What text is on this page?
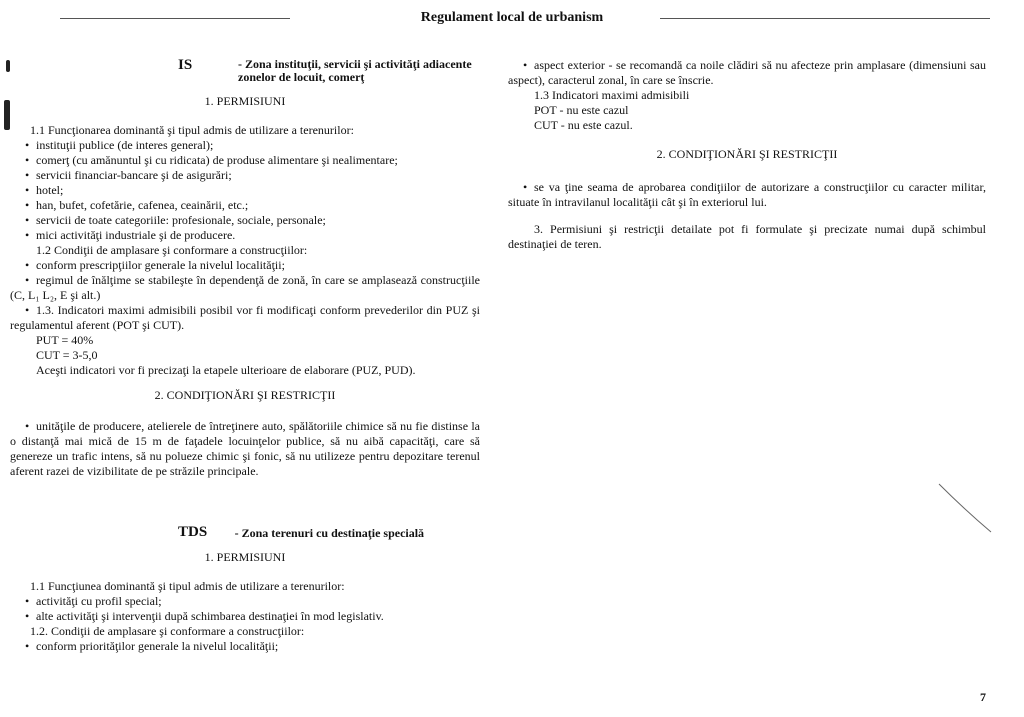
Regulament local de urbanism
IS	- Zona instituţii, servicii şi activităţi adiacente zonelor de locuit, comerţ
1. PERMISIUNI

1.1 Funcţionarea dominantă şi tipul admis de utilizare a terenurilor:

• instituţii publice (de interes general);
• comerţ (cu amănuntul şi cu ridicata) de produse alimentare şi nealimentare;
• servicii financiar-bancare şi de asigurări;
• hotel;
• han, bufet, cofetărie, cafenea, ceainării, etc.;
• servicii de toate categoriile: profesionale, sociale, personale;
• mici activităţi industriale şi de producere.

1.2 Condiţii de amplasare şi conformare a construcţiilor:

• conform prescripţiilor generale la nivelul localităţii;

• regimul de înălţime se stabileşte în dependenţă de zonă, în care se amplasează construcţiile (C, L₁ L₂, E şi alt.)

• 1.3. Indicatori maximi admisibili posibil vor fi modificaţi conform prevederilor din PUZ şi regulamentul aferent (POT şi CUT).

PUT = 40%

CUT = 3-5,0

Aceşti indicatori vor fi precizaţi la etapele ulterioare de elaborare (PUZ, PUD).

2. CONDIŢIONĂRI ŞI RESTRICŢII

• unităţile de producere, atelierele de întreţinere auto, spălătoriile chimice să nu fie distinse la o distanţă mai mică de 15 m de faţadele locuinţelor publice, să nu aibă capacităţi, care să genereze un trafic intens, să nu polueze chimic şi fonic, să nu utilizeze pentru depozitare terenul aferent razei de vizibilitate de pe străzile principale.

TDS	- Zona terenuri cu destinaţie specială
1. PERMISIUNI

1.1 Funcţiunea dominantă şi tipul admis de utilizare a terenurilor:

• activităţi cu profil special;
• alte activităţi şi intervenţii după schimbarea destinaţiei în mod legislativ.

1.2. Condiţii de amplasare şi conformare a construcţiilor:

• conform priorităţilor generale la nivelul localităţii;

• aspect exterior - se recomandă ca noile clădiri să nu afecteze prin amplasare (dimensiuni sau aspect), caracterul zonal, în care se înscrie.

1.3 Indicatori maximi admisibili

POT - nu este cazul

CUT - nu este cazul.

2. CONDIŢIONĂRI ŞI RESTRICŢII

• se va ţine seama de aprobarea condiţiilor de autorizare a construcţiilor cu caracter militar, situate în intravilanul localităţii cât şi în exteriorul lui.

3. Permisiuni şi restricţii detailate pot fi formulate şi precizate numai după schimbul destinaţiei de teren.

7
